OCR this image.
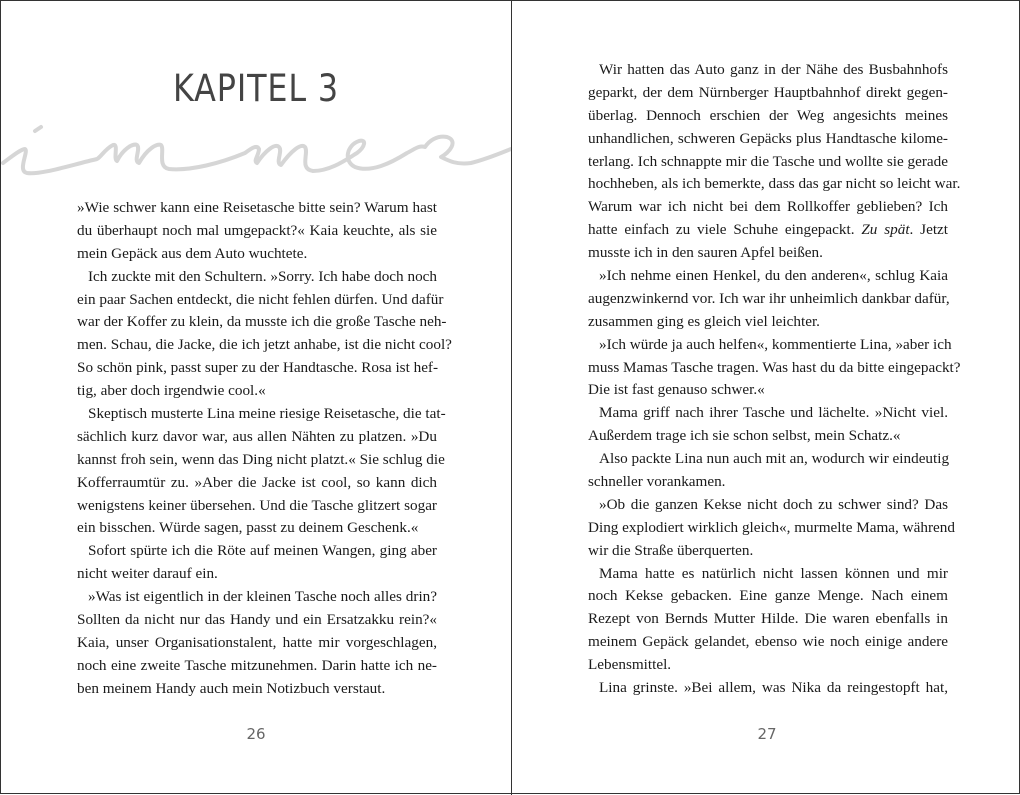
KAPITEL 3
»Wie schwer kann eine Reisetasche bitte sein? Warum hast
du überhaupt noch mal umgepackt?« Kaia keuchte, als sie
mein Gepäck aus dem Auto wuchtete.
Ich zuckte mit den Schultern. »Sorry. Ich habe doch noch
ein paar Sachen entdeckt, die nicht fehlen dürfen. Und dafür
war der Koffer zu klein, da musste ich die große Tasche neh-
men. Schau, die Jacke, die ich jetzt anhabe, ist die nicht cool?
So schön pink, passt super zu der Handtasche. Rosa ist hef-
tig, aber doch irgendwie cool.«
Skeptisch musterte Lina meine riesige Reisetasche, die tat-
sächlich kurz davor war, aus allen Nähten zu platzen. »Du
kannst froh sein, wenn das Ding nicht platzt.« Sie schlug die
Kofferraumtür zu. »Aber die Jacke ist cool, so kann dich
wenigstens keiner übersehen. Und die Tasche glitzert sogar
ein bisschen. Würde sagen, passt zu deinem Geschenk.«
Sofort spürte ich die Röte auf meinen Wangen, ging aber
nicht weiter darauf ein.
»Was ist eigentlich in der kleinen Tasche noch alles drin?
Sollten da nicht nur das Handy und ein Ersatzakku rein?«
Kaia, unser Organisationstalent, hatte mir vorgeschlagen,
noch eine zweite Tasche mitzunehmen. Darin hatte ich ne-
ben meinem Handy auch mein Notizbuch verstaut.
26
Wir hatten das Auto ganz in der Nähe des Busbahnhofs
geparkt, der dem Nürnberger Hauptbahnhof direkt gegen-
überlag. Dennoch erschien der Weg angesichts meines
unhandlichen, schweren Gepäcks plus Handtasche kilome-
terlang. Ich schnappte mir die Tasche und wollte sie gerade
hochheben, als ich bemerkte, dass das gar nicht so leicht war.
Warum war ich nicht bei dem Rollkoffer geblieben? Ich
hatte einfach zu viele Schuhe eingepackt. Zu spät. Jetzt
musste ich in den sauren Apfel beißen.
»Ich nehme einen Henkel, du den anderen«, schlug Kaia
augenzwinkernd vor. Ich war ihr unheimlich dankbar dafür,
zusammen ging es gleich viel leichter.
»Ich würde ja auch helfen«, kommentierte Lina, »aber ich
muss Mamas Tasche tragen. Was hast du da bitte eingepackt?
Die ist fast genauso schwer.«
Mama griff nach ihrer Tasche und lächelte. »Nicht viel.
Außerdem trage ich sie schon selbst, mein Schatz.«
Also packte Lina nun auch mit an, wodurch wir eindeutig
schneller vorankamen.
»Ob die ganzen Kekse nicht doch zu schwer sind? Das
Ding explodiert wirklich gleich«, murmelte Mama, während
wir die Straße überquerten.
Mama hatte es natürlich nicht lassen können und mir
noch Kekse gebacken. Eine ganze Menge. Nach einem
Rezept von Bernds Mutter Hilde. Die waren ebenfalls in
meinem Gepäck gelandet, ebenso wie noch einige andere
Lebensmittel.
Lina grinste. »Bei allem, was Nika da reingestopft hat,
27
